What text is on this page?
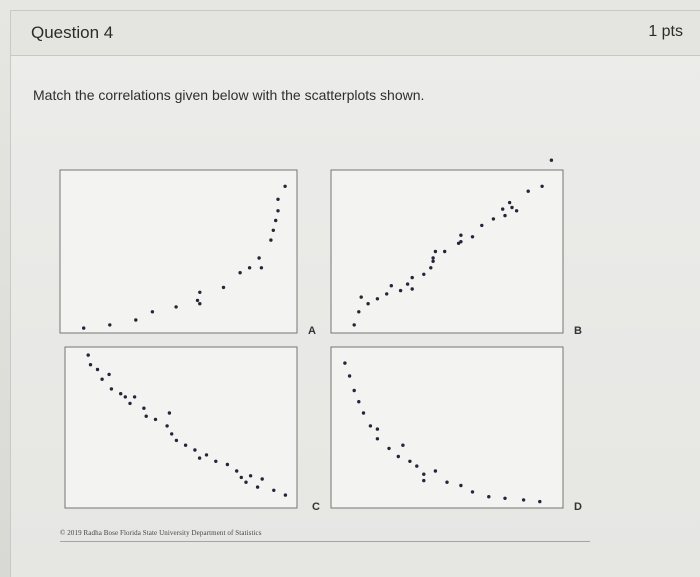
Question 4	1 pts
Match the correlations given below with the scatterplots shown.
A	B
C	D
© 2019 Radha Bose Florida State University Department of Statistics
